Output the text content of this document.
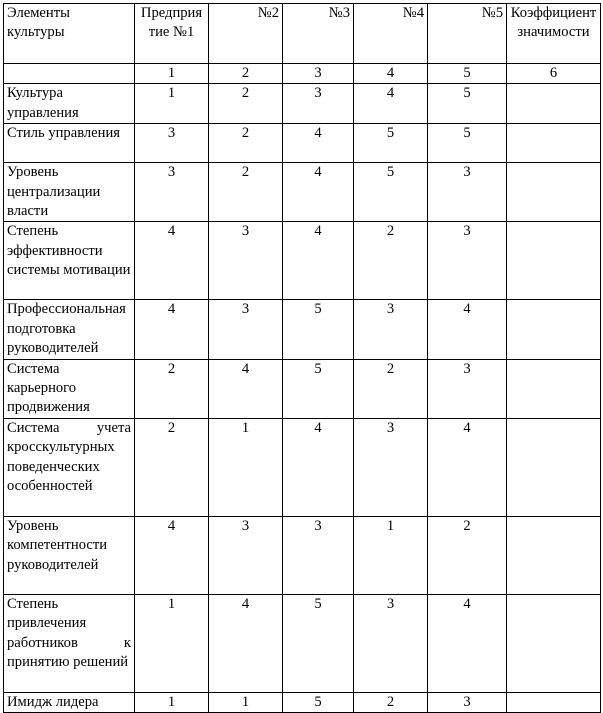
Элементы культуры	Предприятие №1	№2	№3	№4	№5	Коэффициент значимости
	1	2	3	4	5	6
Культура управления	1	2	3	4	5	
Стиль управления	3	2	4	5	5	
Уровень централизации власти	3	2	4	5	3	
Степень эффективности системы мотивации	4	3	4	2	3	
Профессиональная подготовка руководителей	4	3	5	3	4	
Система карьерного продвижения	2	4	5	2	3	
Система учета кросскультурных поведенческих особенностей	2	1	4	3	4	
Уровень компетентности руководителей	4	3	3	1	2	
Степень привлечения работников к принятию решений	1	4	5	3	4	
Имидж лидера	1	1	5	2	3	
